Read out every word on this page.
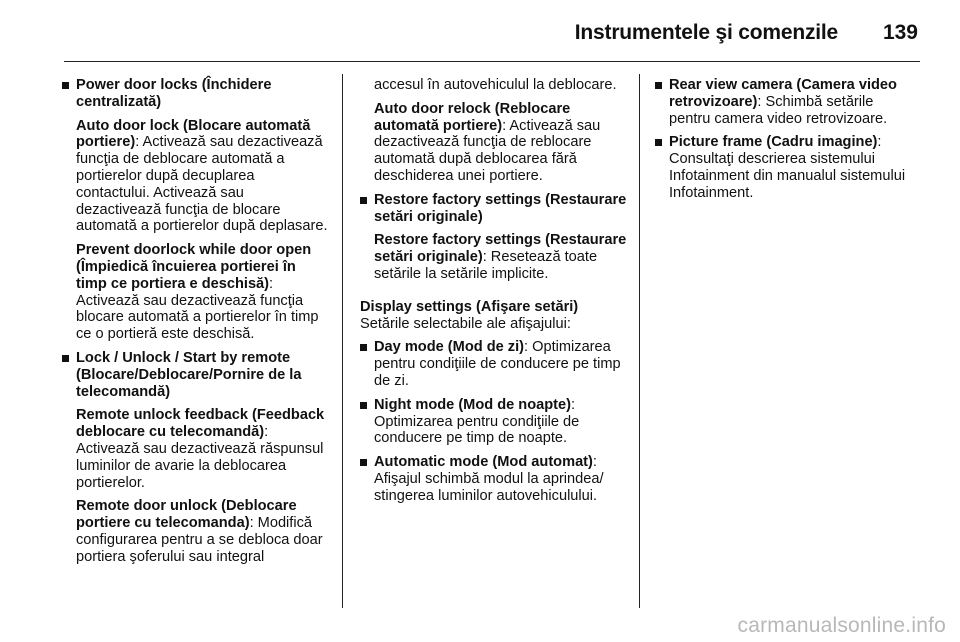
Instrumentele şi comenzile 139
Power door locks (Închidere centralizată)
Auto door lock (Blocare automată portiere): Activează sau dezactivează funcţia de deblocare automată a portierelor după decuplarea contactului. Activează sau dezactivează funcţia de blocare automată a portierelor după deplasare.
Prevent doorlock while door open (Împiedică încuierea portierei în timp ce portiera e deschisă): Activează sau dezactivează funcţia blocare automată a portierelor în timp ce o portieră este deschisă.
Lock / Unlock / Start by remote (Blocare/Deblocare/Pornire de la telecomandă)
Remote unlock feedback (Feedback deblocare cu telecomandă): Activează sau dezactivează răspunsul luminilor de avarie la deblocarea portierelor.
Remote door unlock (Deblocare portiere cu telecomanda): Modifică configurarea pentru a se debloca doar portiera şoferului sau integral
accesul în autovehiculul la deblocare.
Auto door relock (Reblocare automată portiere): Activează sau dezactivează funcţia de reblocare automată după deblocarea fără deschiderea unei portiere.
Restore factory settings (Restaurare setări originale)
Restore factory settings (Restaurare setări originale): Resetează toate setările la setările implicite.
Display settings (Afişare setări)
Setările selectabile ale afişajului:
Day mode (Mod de zi): Optimizarea pentru condiţiile de conducere pe timp de zi.
Night mode (Mod de noapte): Optimizarea pentru condiţiile de conducere pe timp de noapte.
Automatic mode (Mod automat): Afişajul schimbă modul la aprindea/ stingerea luminilor autovehiculului.
Rear view camera (Camera video retrovizoare): Schimbă setările pentru camera video retrovizoare.
Picture frame (Cadru imagine): Consultaţi descrierea sistemului Infotainment din manualul sistemului Infotainment.
carmanualsonline.info
